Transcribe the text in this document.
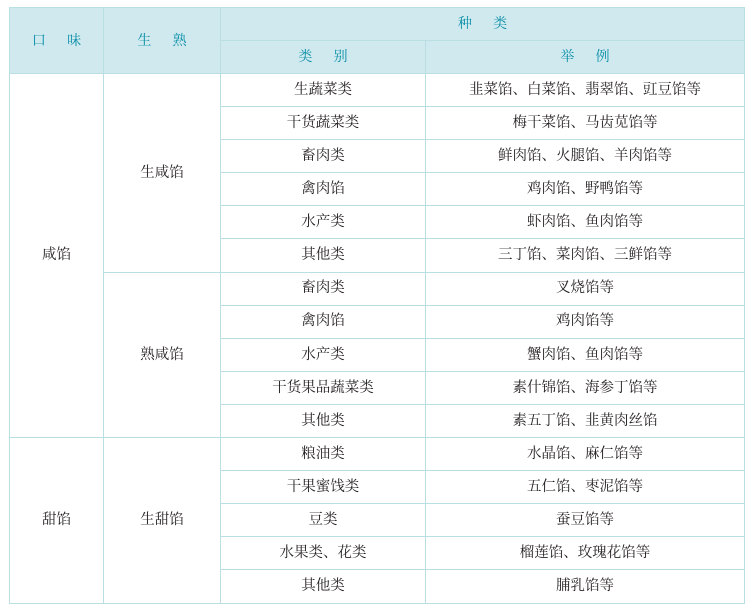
口 味	生 熟	种 类	
		类 别	举 例
咸馅	生咸馅	生蔬菜类	韭菜馅、白菜馅、翡翠馅、豇豆馅等
		干货蔬菜类	梅干菜馅、马齿苋馅等
		畜肉类	鲜肉馅、火腿馅、羊肉馅等
		禽肉馅	鸡肉馅、野鸭馅等
		水产类	虾肉馅、鱼肉馅等
		其他类	三丁馅、菜肉馅、三鲜馅等
	熟咸馅	畜肉类	叉烧馅等
		禽肉馅	鸡肉馅等
		水产类	蟹肉馅、鱼肉馅等
		干货果品蔬菜类	素什锦馅、海参丁馅等
		其他类	素五丁馅、韭黄肉丝馅
甜馅	生甜馅	粮油类	水晶馅、麻仁馅等
		干果蜜饯类	五仁馅、枣泥馅等
		豆类	蚕豆馅等
		水果类、花类	榴莲馅、玫瑰花馅等
		其他类	脯乳馅等
